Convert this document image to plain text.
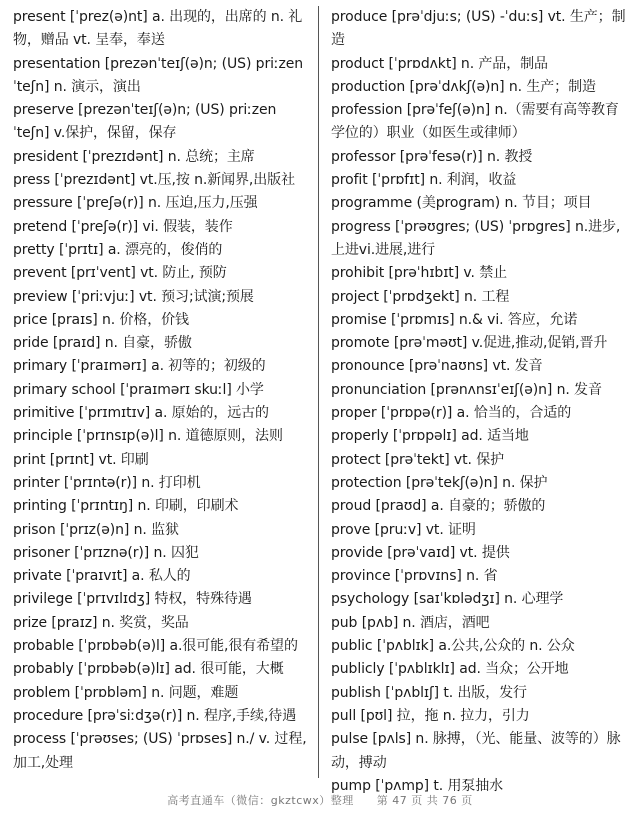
present [ˈprez(ə)nt] a. 出现的，出席的 n. 礼物，赠品 vt. 呈奉，奉送
presentation [prezənˈteɪʃ(ə)n; (US) priːzenˈteʃn] n. 演示，演出
preserve [prezənˈteɪʃ(ə)n; (US) priːzenˈteʃn] v.保护，保留，保存
president [ˈprezɪdənt] n. 总统；主席
press [ˈprezɪdənt] vt.压,按 n.新闻界,出版社
pressure [ˈpreʃə(r)] n. 压迫,压力,压强
pretend [ˈpreʃə(r)] vi. 假装，装作
pretty [ˈprɪtɪ] a. 漂亮的，俊俏的
prevent [prɪˈvent] vt. 防止, 预防
preview [ˈpriːvjuː] vt. 预习;试演;预展
price [praɪs] n. 价格，价钱
pride [praɪd] n. 自豪，骄傲
primary [ˈpraɪmərɪ] a. 初等的；初级的
primary school [ˈpraɪmərɪ skuːl] 小学
primitive [ˈprɪmɪtɪv] a. 原始的，远古的
principle [ˈprɪnsɪp(ə)l] n. 道德原则，法则
print [prɪnt] vt. 印刷
printer [ˈprɪntə(r)] n. 打印机
printing [ˈprɪntɪŋ] n. 印刷，印刷术
prison [ˈprɪz(ə)n] n. 监狱
prisoner [ˈprɪznə(r)] n. 囚犯
private [ˈpraɪvɪt] a. 私人的
privilege [ˈprɪvɪlɪdʒ] 特权，特殊待遇
prize [praɪz] n. 奖赏，奖品
probable [ˈprɒbəb(ə)l] a.很可能,很有希望的
probably [ˈprɒbəb(ə)lɪ] ad. 很可能，大概
problem [ˈprɒbləm] n. 问题，难题
procedure [prəˈsiːdʒə(r)] n. 程序,手续,待遇
process [ˈprəʊses; (US) ˈprɒses] n./ v. 过程,加工,处理
produce [prəˈdjuːs; (US) -ˈduːs] vt. 生产；制造
product [ˈprɒdʌkt] n. 产品，制品
production [prəˈdʌkʃ(ə)n] n. 生产；制造
profession [prəˈfeʃ(ə)n] n.（需要有高等教育学位的）职业（如医生或律师）
professor [prəˈfesə(r)] n. 教授
profit [ˈprɒfɪt] n. 利润，收益
programme (美program) n. 节目；项目
progress [ˈprəʊgres; (US) ˈprɒgres] n.进步,上进vi.进展,进行
prohibit [prəˈhɪbɪt] v. 禁止
project [ˈprɒdʒekt] n. 工程
promise [ˈprɒmɪs] n.& vi. 答应，允诺
promote [prəˈməʊt] v.促进,推动,促销,晋升
pronounce [prəˈnaʊns] vt. 发音
pronunciation [prənʌnsɪˈeɪʃ(ə)n] n. 发音
proper [ˈprɒpə(r)] a. 恰当的，合适的
properly [ˈprɒpəlɪ] ad. 适当地
protect [prəˈtekt] vt. 保护
protection [prəˈtekʃ(ə)n] n. 保护
proud [praʊd] a. 自豪的；骄傲的
prove [pruːv] vt. 证明
provide [prəˈvaɪd] vt. 提供
province [ˈprɒvɪns] n. 省
psychology [saɪˈkɒlədʒɪ] n. 心理学
pub [pʌb] n. 酒店，酒吧
public [ˈpʌblɪk] a.公共,公众的 n. 公众
publicly [ˈpʌblɪklɪ] ad. 当众；公开地
publish [ˈpʌblɪʃ] t. 出版，发行
pull [pʊl] 拉，拖 n. 拉力，引力
pulse [pʌls] n. 脉搏，（光、能量、波等的）脉动，搏动
pump [ˈpʌmp] t. 用泵抽水
高考直通车（微信：gkztcwx）整理　　第 47 页 共 76 页
